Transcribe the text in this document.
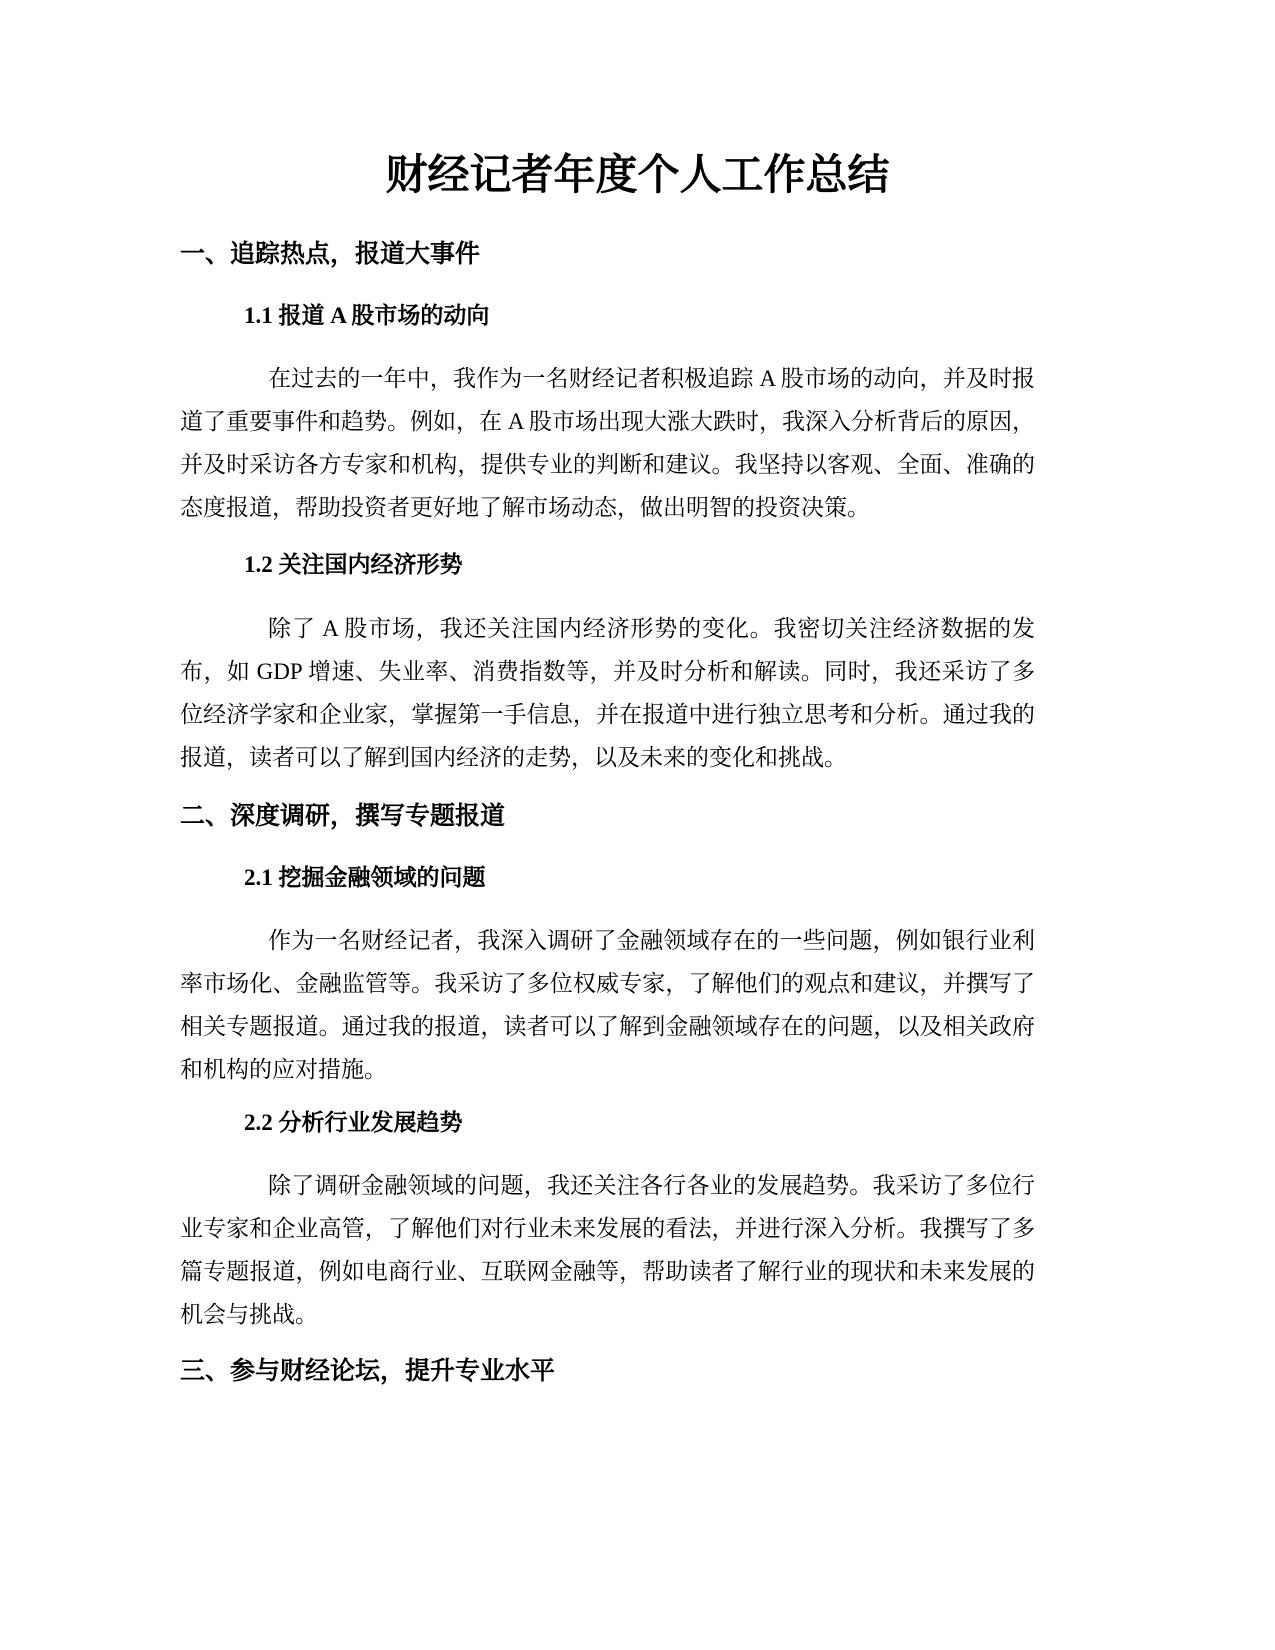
财经记者年度个人工作总结
一、追踪热点，报道大事件
1.1 报道 A 股市场的动向

在过去的一年中，我作为一名财经记者积极追踪 A 股市场的动向，并及时报道了重要事件和趋势。例如，在 A 股市场出现大涨大跌时，我深入分析背后的原因，并及时采访各方专家和机构，提供专业的判断和建议。我坚持以客观、全面、准确的态度报道，帮助投资者更好地了解市场动态，做出明智的投资决策。

1.2 关注国内经济形势

除了 A 股市场，我还关注国内经济形势的变化。我密切关注经济数据的发布，如 GDP 增速、失业率、消费指数等，并及时分析和解读。同时，我还采访了多位经济学家和企业家，掌握第一手信息，并在报道中进行独立思考和分析。通过我的报道，读者可以了解到国内经济的走势，以及未来的变化和挑战。

二、深度调研，撰写专题报道
2.1 挖掘金融领域的问题

作为一名财经记者，我深入调研了金融领域存在的一些问题，例如银行业利率市场化、金融监管等。我采访了多位权威专家，了解他们的观点和建议，并撰写了相关专题报道。通过我的报道，读者可以了解到金融领域存在的问题，以及相关政府和机构的应对措施。

2.2 分析行业发展趋势

除了调研金融领域的问题，我还关注各行各业的发展趋势。我采访了多位行业专家和企业高管，了解他们对行业未来发展的看法，并进行深入分析。我撰写了多篇专题报道，例如电商行业、互联网金融等，帮助读者了解行业的现状和未来发展的机会与挑战。

三、参与财经论坛，提升专业水平
